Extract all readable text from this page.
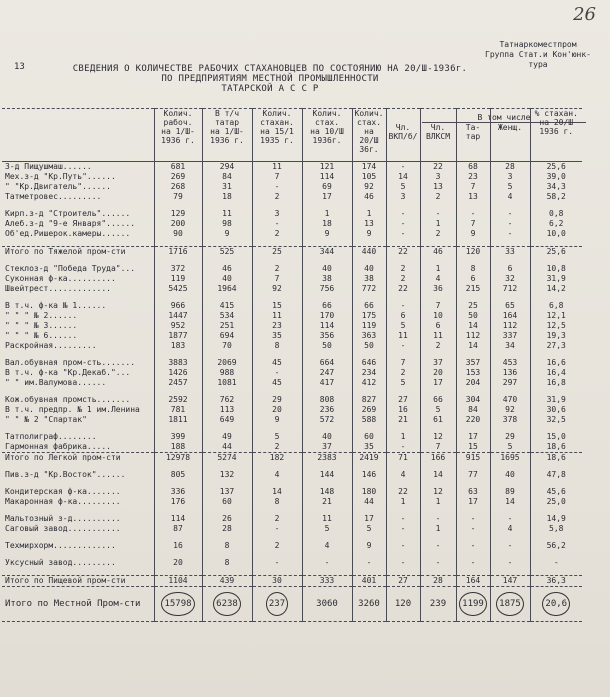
26
Татнаркоместпром
Группа Стат.и Кон'юнк-
тура
13	СВЕДЕНИЯ О КОЛИЧЕСТВЕ РАБОЧИХ СТАХАНОВЦЕВ ПО СОСТОЯНИЮ НА 20/Ш-1936г.
ПО ПРЕДПРИЯТИЯМ МЕСТНОЙ ПРОМЫШЛЕННОСТИ
ТАТАРСКОЙ А С С Р
В том числе
	Колич.
рабоч.
на 1/Ш-
1936 г.	В т/ч
татар
на 1/Ш-
1936 г.	Колич.
стахан.
на 15/1
1935 г.	Колич.
стах.
на 10/Ш
1936г.	Колич.
стах.
на
20/Ш
36г.	Чл.
ВКП/б/	Чл.
ВЛКСМ	Та-
тар	Женщ.	% стахан.
на 20/Ш
1936 г.
З-д Пищушмаш......	681	294	11	121	174	-	22	68	28	25,6
Мех.з-д "Кр.Путь"......	269	84	7	114	105	14	3	23	3	39,0
" "Кр.Двигатель"......	268	31	-	69	92	5	13	7	5	34,3
Татметровес.........	79	18	2	17	46	3	2	13	4	58,2

Кирп.з-д "Строитель"......	129	11	3	1	1	-	-	-	-	0,8
Алеб.з-д "9-е Января"......	200	98	-	18	13	-	1	7	-	6,2
Об'ед.Ришерок.камеры......	90	9	2	9	9	-	2	9	-	10,0

Итого по Тяжелой пром-сти	1716	525	25	344	440	22	46	120	33	25,6

Стеклоз-д "Победа Труда"...	372	46	2	40	40	2	1	8	6	10,8
Суконная ф-ка..........	119	40	7	38	38	2	4	6	32	31,9
Швейтрест.............	5425	1964	92	756	772	22	36	215	712	14,2

В т.ч. ф-ка № 1......	966	415	15	66	66	-	7	25	65	6,8
" " " № 2......	1447	534	11	170	175	6	10	50	164	12,1
" " " № 3......	952	251	23	114	119	5	6	14	112	12,5
" " " № 6......	1877	694	35	356	363	11	11	112	337	19,3
Раскройная.........	183	70	8	50	50	-	2	14	34	27,3

Вал.обувная пром-сть.......	3883	2069	45	664	646	7	37	357	453	16,6
В т.ч. ф-ка "Кр.Декаб."...	1426	988	-	247	234	2	20	153	136	16,4
" " им.Валумова......	2457	1081	45	417	412	5	17	204	297	16,8

Кож.обувная промсть.......	2592	762	29	808	827	27	66	304	470	31,9
В т.ч. предпр. № 1 им.Ленина	781	113	20	236	269	16	5	84	92	30,6
" " № 2 "Спартак"	1811	649	9	572	588	21	61	220	378	32,5

Татполиграф........	399	49	5	40	60	1	12	17	29	15,0
Гармонная фабрика.....	188	44	2	37	35	-	7	15	5	18,6
Итого по Легкой пром-сти	12978	5274	182	2383	2419	71	166	915	1695	18,6

Пив.з-д "Кр.Восток"......	805	132	4	144	146	4	14	77	40	47,8

Кондитерская ф-ка.......	336	137	14	148	180	22	12	63	89	45,6
Макаронная ф-ка.........	176	60	8	21	44	1	1	17	14	25,0

Мальтозный з-д..........	114	26	2	11	17	-	-	-	-	14,9
Саговый завод...........	87	28	-	5	5	-	1	-	4	5,8

Техмирхорм.............	16	8	2	4	9	-	-	-	-	56,2

Уксусный завод.........	20	8	-	-	-	-	-	-	-	-

Итого по Пищевой пром-сти	1104	439	30	333	401	27	28	164	147	36,3
Итого по Местной Пром-сти	15798	6238	237	3060	3260	120	239	1199	1875	20,6
